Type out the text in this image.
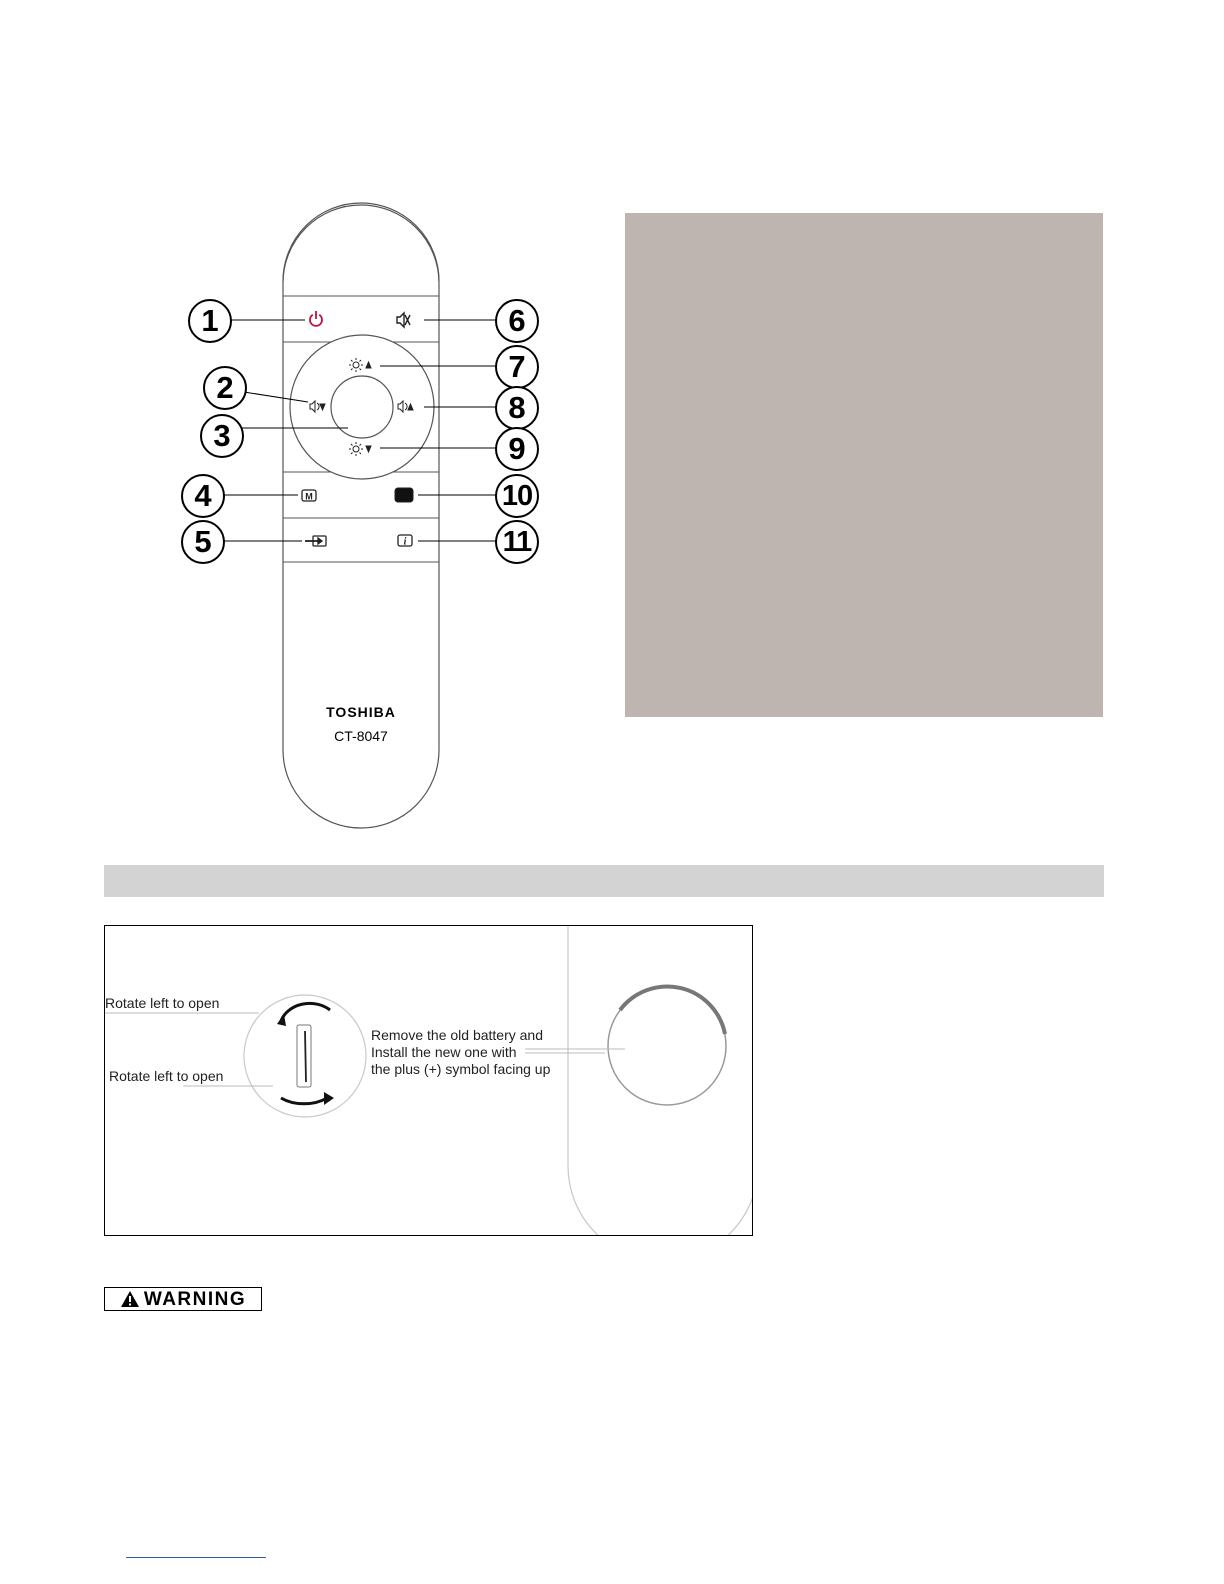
M
i
1
2
3
4
5
6
7
8
9
10
11
TOSHIBA
CT-8047
Rotate left to open
Rotate left to open
Remove the old battery and
Install the new one with
the plus (+) symbol facing up
WARNING
